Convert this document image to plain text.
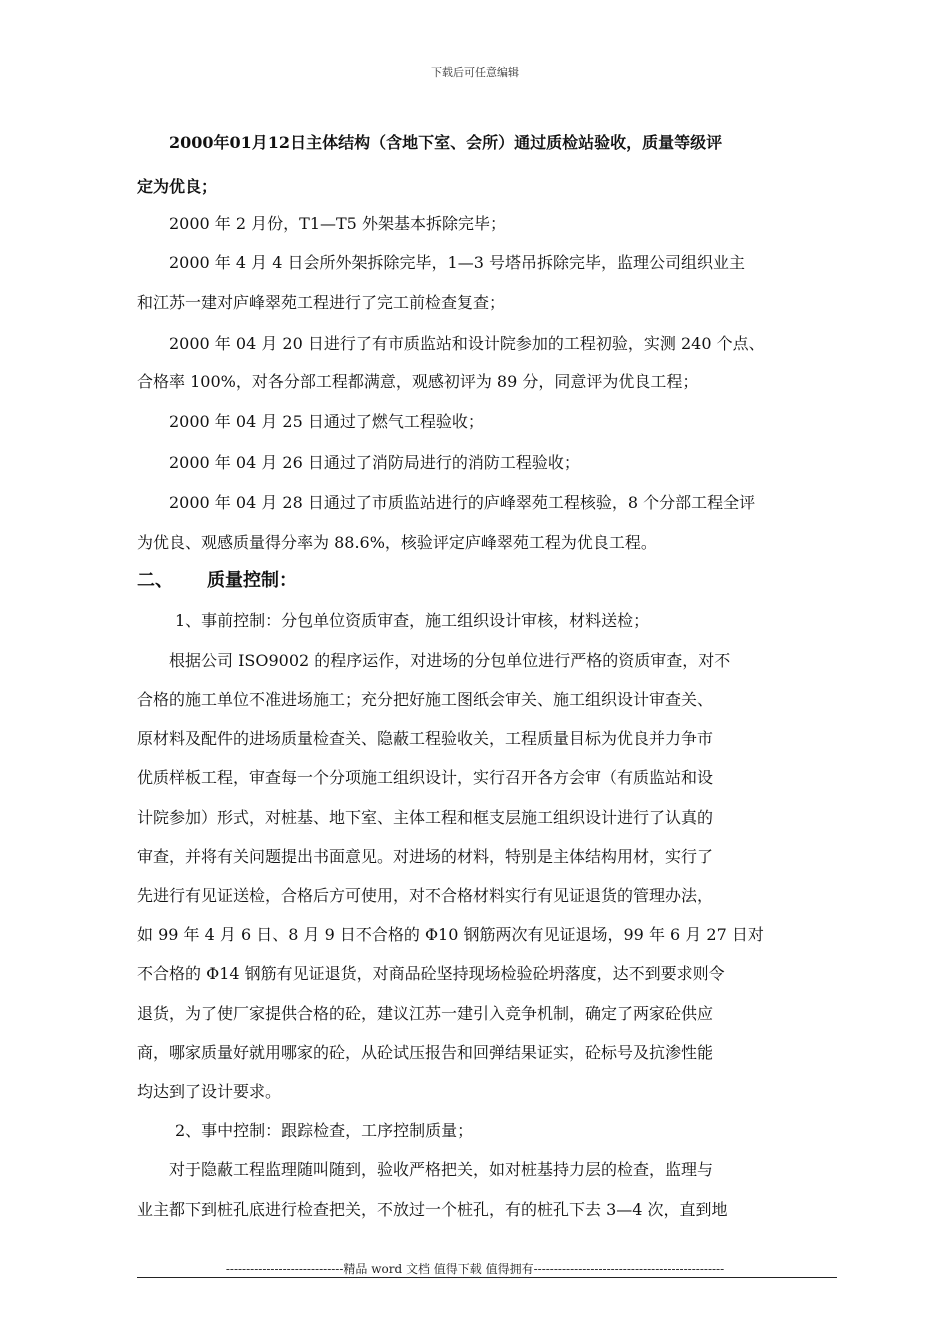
下载后可任意编辑
2000年01月12日主体结构（含地下室、会所）通过质检站验收，质量等级评
定为优良；
2000 年 2 月份，T1—T5 外架基本拆除完毕；
2000 年 4 月 4 日会所外架拆除完毕，1—3 号塔吊拆除完毕，监理公司组织业主
和江苏一建对庐峰翠苑工程进行了完工前检查复查；
2000 年 04 月 20 日进行了有市质监站和设计院参加的工程初验，实测 240 个点、
合格率 100%，对各分部工程都满意，观感初评为 89 分，同意评为优良工程；
2000 年 04 月 25 日通过了燃气工程验收；
2000 年 04 月 26 日通过了消防局进行的消防工程验收；
2000 年 04 月 28 日通过了市质监站进行的庐峰翠苑工程核验，8 个分部工程全评
为优良、观感质量得分率为 88.6%，核验评定庐峰翠苑工程为优良工程。
二、 质量控制：
1、事前控制：分包单位资质审查，施工组织设计审核，材料送检；
根据公司 ISO9002 的程序运作，对进场的分包单位进行严格的资质审查，对不
合格的施工单位不准进场施工；充分把好施工图纸会审关、施工组织设计审查关、
原材料及配件的进场质量检查关、隐蔽工程验收关，工程质量目标为优良并力争市
优质样板工程，审查每一个分项施工组织设计，实行召开各方会审（有质监站和设
计院参加）形式，对桩基、地下室、主体工程和框支层施工组织设计进行了认真的
审查，并将有关问题提出书面意见。对进场的材料，特别是主体结构用材，实行了
先进行有见证送检，合格后方可使用，对不合格材料实行有见证退货的管理办法，
如 99 年 4 月 6 日、8 月 9 日不合格的 Φ10 钢筋两次有见证退场，99 年 6 月 27 日对
不合格的 Φ14 钢筋有见证退货，对商品砼坚持现场检验砼坍落度，达不到要求则令
退货，为了使厂家提供合格的砼，建议江苏一建引入竞争机制，确定了两家砼供应
商，哪家质量好就用哪家的砼，从砼试压报告和回弹结果证实，砼标号及抗渗性能
均达到了设计要求。
2、事中控制：跟踪检查，工序控制质量；
对于隐蔽工程监理随叫随到，验收严格把关，如对桩基持力层的检查，监理与
业主都下到桩孔底进行检查把关，不放过一个桩孔，有的桩孔下去 3—4 次，直到地
-----------------------------精品 word 文档 值得下载 值得拥有-----------------------------------------------
